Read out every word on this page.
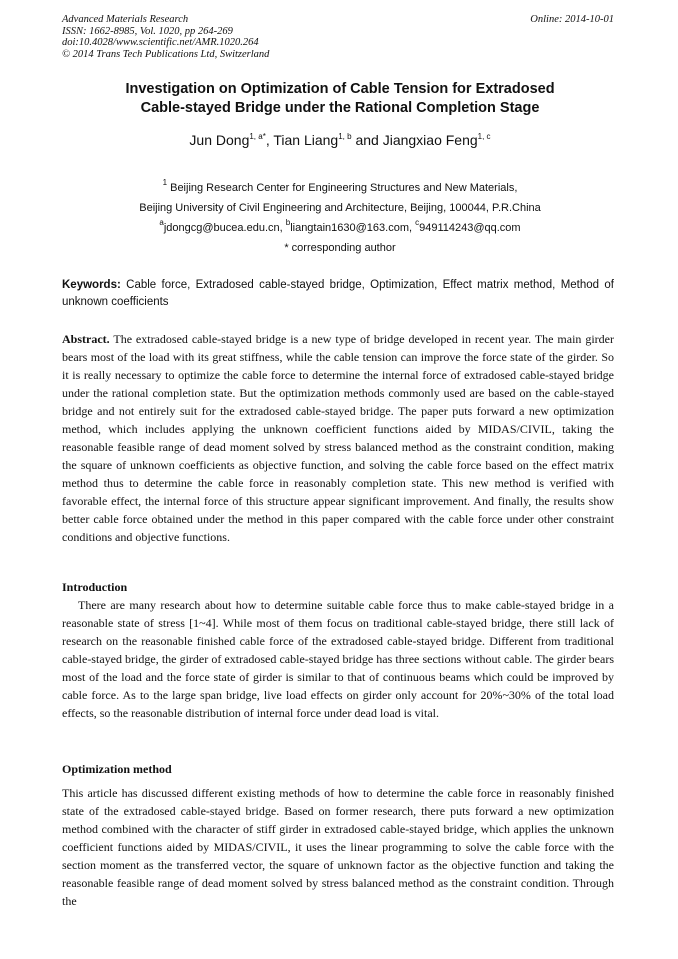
Advanced Materials Research
ISSN: 1662-8985, Vol. 1020, pp 264-269
doi:10.4028/www.scientific.net/AMR.1020.264
© 2014 Trans Tech Publications Ltd, Switzerland
Online: 2014-10-01
Investigation on Optimization of Cable Tension for Extradosed
Cable-stayed Bridge under the Rational Completion Stage
Jun Dong$^{1, a*}$, Tian Liang$^{1, b}$ and Jiangxiao Feng$^{1, c}$
$^1$ Beijing Research Center for Engineering Structures and New Materials,
Beijing University of Civil Engineering and Architecture, Beijing, 100044, P.R.China
$^a$jdongcg@bucea.edu.cn, $^b$liangtain1630@163.com, $^c$949114243@qq.com
* corresponding author
Keywords: Cable force, Extradosed cable-stayed bridge, Optimization, Effect matrix method, Method of unknown coefficients
Abstract. The extradosed cable-stayed bridge is a new type of bridge developed in recent year. The main girder bears most of the load with its great stiffness, while the cable tension can improve the force state of the girder. So it is really necessary to optimize the cable force to determine the internal force of extradosed cable-stayed bridge under the rational completion state. But the optimization methods commonly used are based on the cable-stayed bridge and not entirely suit for the extradosed cable-stayed bridge. The paper puts forward a new optimization method, which includes applying the unknown coefficient functions aided by MIDAS/CIVIL, taking the reasonable feasible range of dead moment solved by stress balanced method as the constraint condition, making the square of unknown coefficients as objective function, and solving the cable force based on the effect matrix method thus to determine the cable force in reasonably completion state. This new method is verified with favorable effect, the internal force of this structure appear significant improvement. And finally, the results show better cable force obtained under the method in this paper compared with the cable force under other constraint conditions and objective functions.
Introduction
There are many research about how to determine suitable cable force thus to make cable-stayed bridge in a reasonable state of stress [1~4]. While most of them focus on traditional cable-stayed bridge, there still lack of research on the reasonable finished cable force of the extradosed cable-stayed bridge. Different from traditional cable-stayed bridge, the girder of extradosed cable-stayed bridge has three sections without cable. The girder bears most of the load and the force state of girder is similar to that of continuous beams which could be improved by cable force. As to the large span bridge, live load effects on girder only account for 20%~30% of the total load effects, so the reasonable distribution of internal force under dead load is vital.
Optimization method
This article has discussed different existing methods of how to determine the cable force in reasonably finished state of the extradosed cable-stayed bridge. Based on former research, there puts forward a new optimization method combined with the character of stiff girder in extradosed cable-stayed bridge, which applies the unknown coefficient functions aided by MIDAS/CIVIL, it uses the linear programming to solve the cable force with the section moment as the transferred vector, the square of unknown factor as the objective function and taking the reasonable feasible range of dead moment solved by stress balanced method as the constraint condition. Through the
